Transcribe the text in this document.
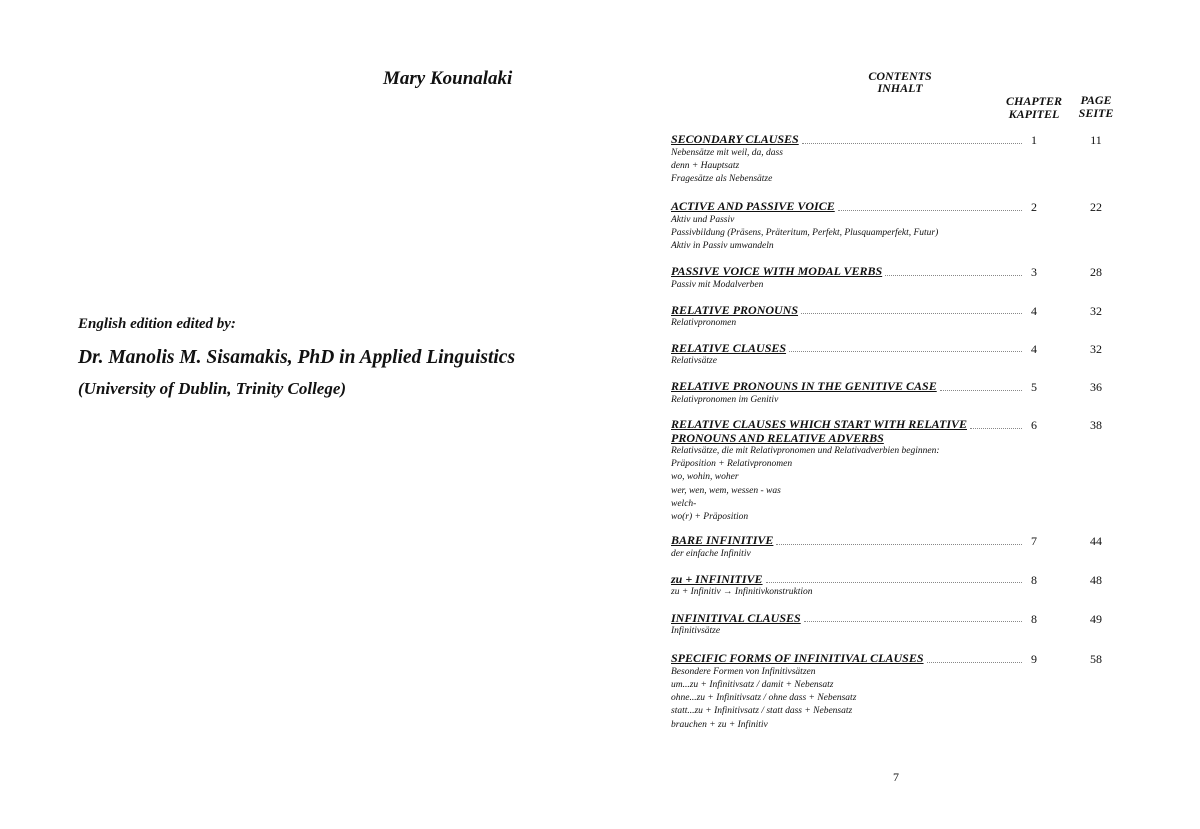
Mary Kounalaki
English edition edited by:
Dr. Manolis M. Sisamakis, PhD in Applied Linguistics
(University of Dublin, Trinity College)
CONTENTS
INHALT
CHAPTER
KAPITEL
PAGE
SEITE
SECONDARY CLAUSES	1	11
Nebensätze mit weil, da, dass
denn + Hauptsatz
Fragesätze als Nebensätze
ACTIVE AND PASSIVE VOICE	2	22
Aktiv und Passiv
Passivbildung (Präsens, Präteritum, Perfekt, Plusquamperfekt, Futur)
Aktiv in Passiv umwandeln
PASSIVE VOICE WITH MODAL VERBS	3	28
Passiv mit Modalverben
RELATIVE PRONOUNS	4	32
Relativpronomen
RELATIVE CLAUSES	4	32
Relativsätze
RELATIVE PRONOUNS IN THE GENITIVE CASE	5	36
Relativpronomen im Genitiv
RELATIVE CLAUSES WHICH START WITH RELATIVE
PRONOUNS AND RELATIVE ADVERBS
6	38
Relativsätze, die mit Relativpronomen und Relativadverbien beginnen:
Präposition + Relativpronomen
wo, wohin, woher
wer, wen, wem, wessen - was
welch-
wo(r) + Präposition
BARE INFINITIVE	7	44
der einfache Infinitiv
zu + INFINITIVE	8	48
zu + Infinitiv → Infinitivkonstruktion
INFINITIVAL CLAUSES	8	49
Infinitivsätze
SPECIFIC FORMS OF INFINITIVAL CLAUSES	9	58
Besondere Formen von Infinitivsätzen
um...zu + Infinitivsatz / damit + Nebensatz
ohne...zu + Infinitivsatz / ohne dass + Nebensatz
statt...zu + Infinitivsatz / statt dass + Nebensatz
brauchen + zu + Infinitiv
7
